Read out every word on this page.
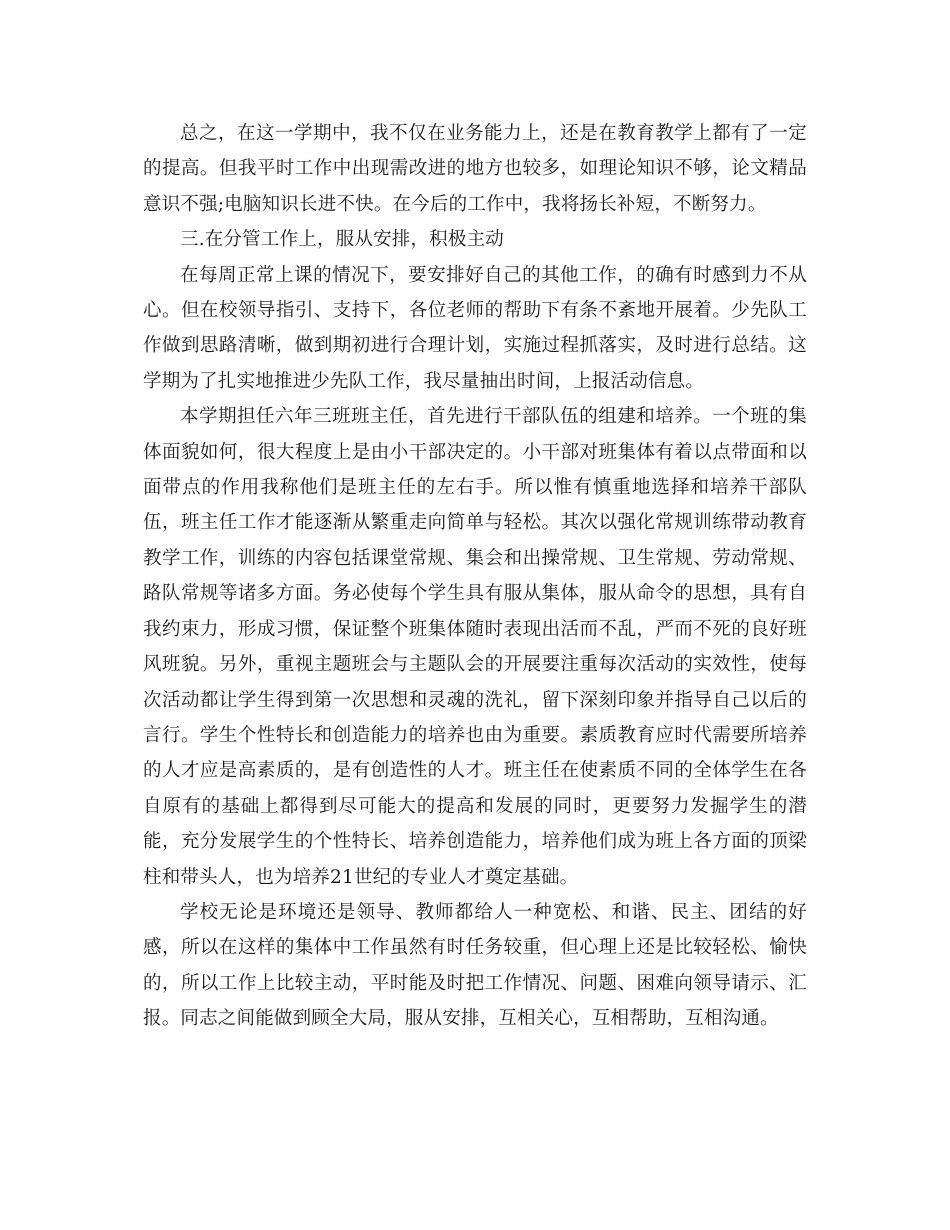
总之，在这一学期中，我不仅在业务能力上，还是在教育教学上都有了一定的提高。但我平时工作中出现需改进的地方也较多，如理论知识不够，论文精品意识不强;电脑知识长进不快。在今后的工作中，我将扬长补短，不断努力。

三.在分管工作上，服从安排，积极主动

在每周正常上课的情况下，要安排好自己的其他工作，的确有时感到力不从心。但在校领导指引、支持下，各位老师的帮助下有条不紊地开展着。少先队工作做到思路清晰，做到期初进行合理计划，实施过程抓落实，及时进行总结。这学期为了扎实地推进少先队工作，我尽量抽出时间，上报活动信息。

本学期担任六年三班班主任，首先进行干部队伍的组建和培养。一个班的集体面貌如何，很大程度上是由小干部决定的。小干部对班集体有着以点带面和以面带点的作用我称他们是班主任的左右手。所以惟有慎重地选择和培养干部队伍，班主任工作才能逐渐从繁重走向简单与轻松。其次以强化常规训练带动教育教学工作，训练的内容包括课堂常规、集会和出操常规、卫生常规、劳动常规、路队常规等诸多方面。务必使每个学生具有服从集体，服从命令的思想，具有自我约束力，形成习惯，保证整个班集体随时表现出活而不乱，严而不死的良好班风班貌。另外，重视主题班会与主题队会的开展要注重每次活动的实效性，使每次活动都让学生得到第一次思想和灵魂的洗礼，留下深刻印象并指导自己以后的言行。学生个性特长和创造能力的培养也由为重要。素质教育应时代需要所培养的人才应是高素质的，是有创造性的人才。班主任在使素质不同的全体学生在各自原有的基础上都得到尽可能大的提高和发展的同时，更要努力发掘学生的潜能，充分发展学生的个性特长、培养创造能力，培养他们成为班上各方面的顶梁柱和带头人，也为培养21世纪的专业人才奠定基础。

学校无论是环境还是领导、教师都给人一种宽松、和谐、民主、团结的好感，所以在这样的集体中工作虽然有时任务较重，但心理上还是比较轻松、愉快的，所以工作上比较主动，平时能及时把工作情况、问题、困难向领导请示、汇报。同志之间能做到顾全大局，服从安排，互相关心，互相帮助，互相沟通。
